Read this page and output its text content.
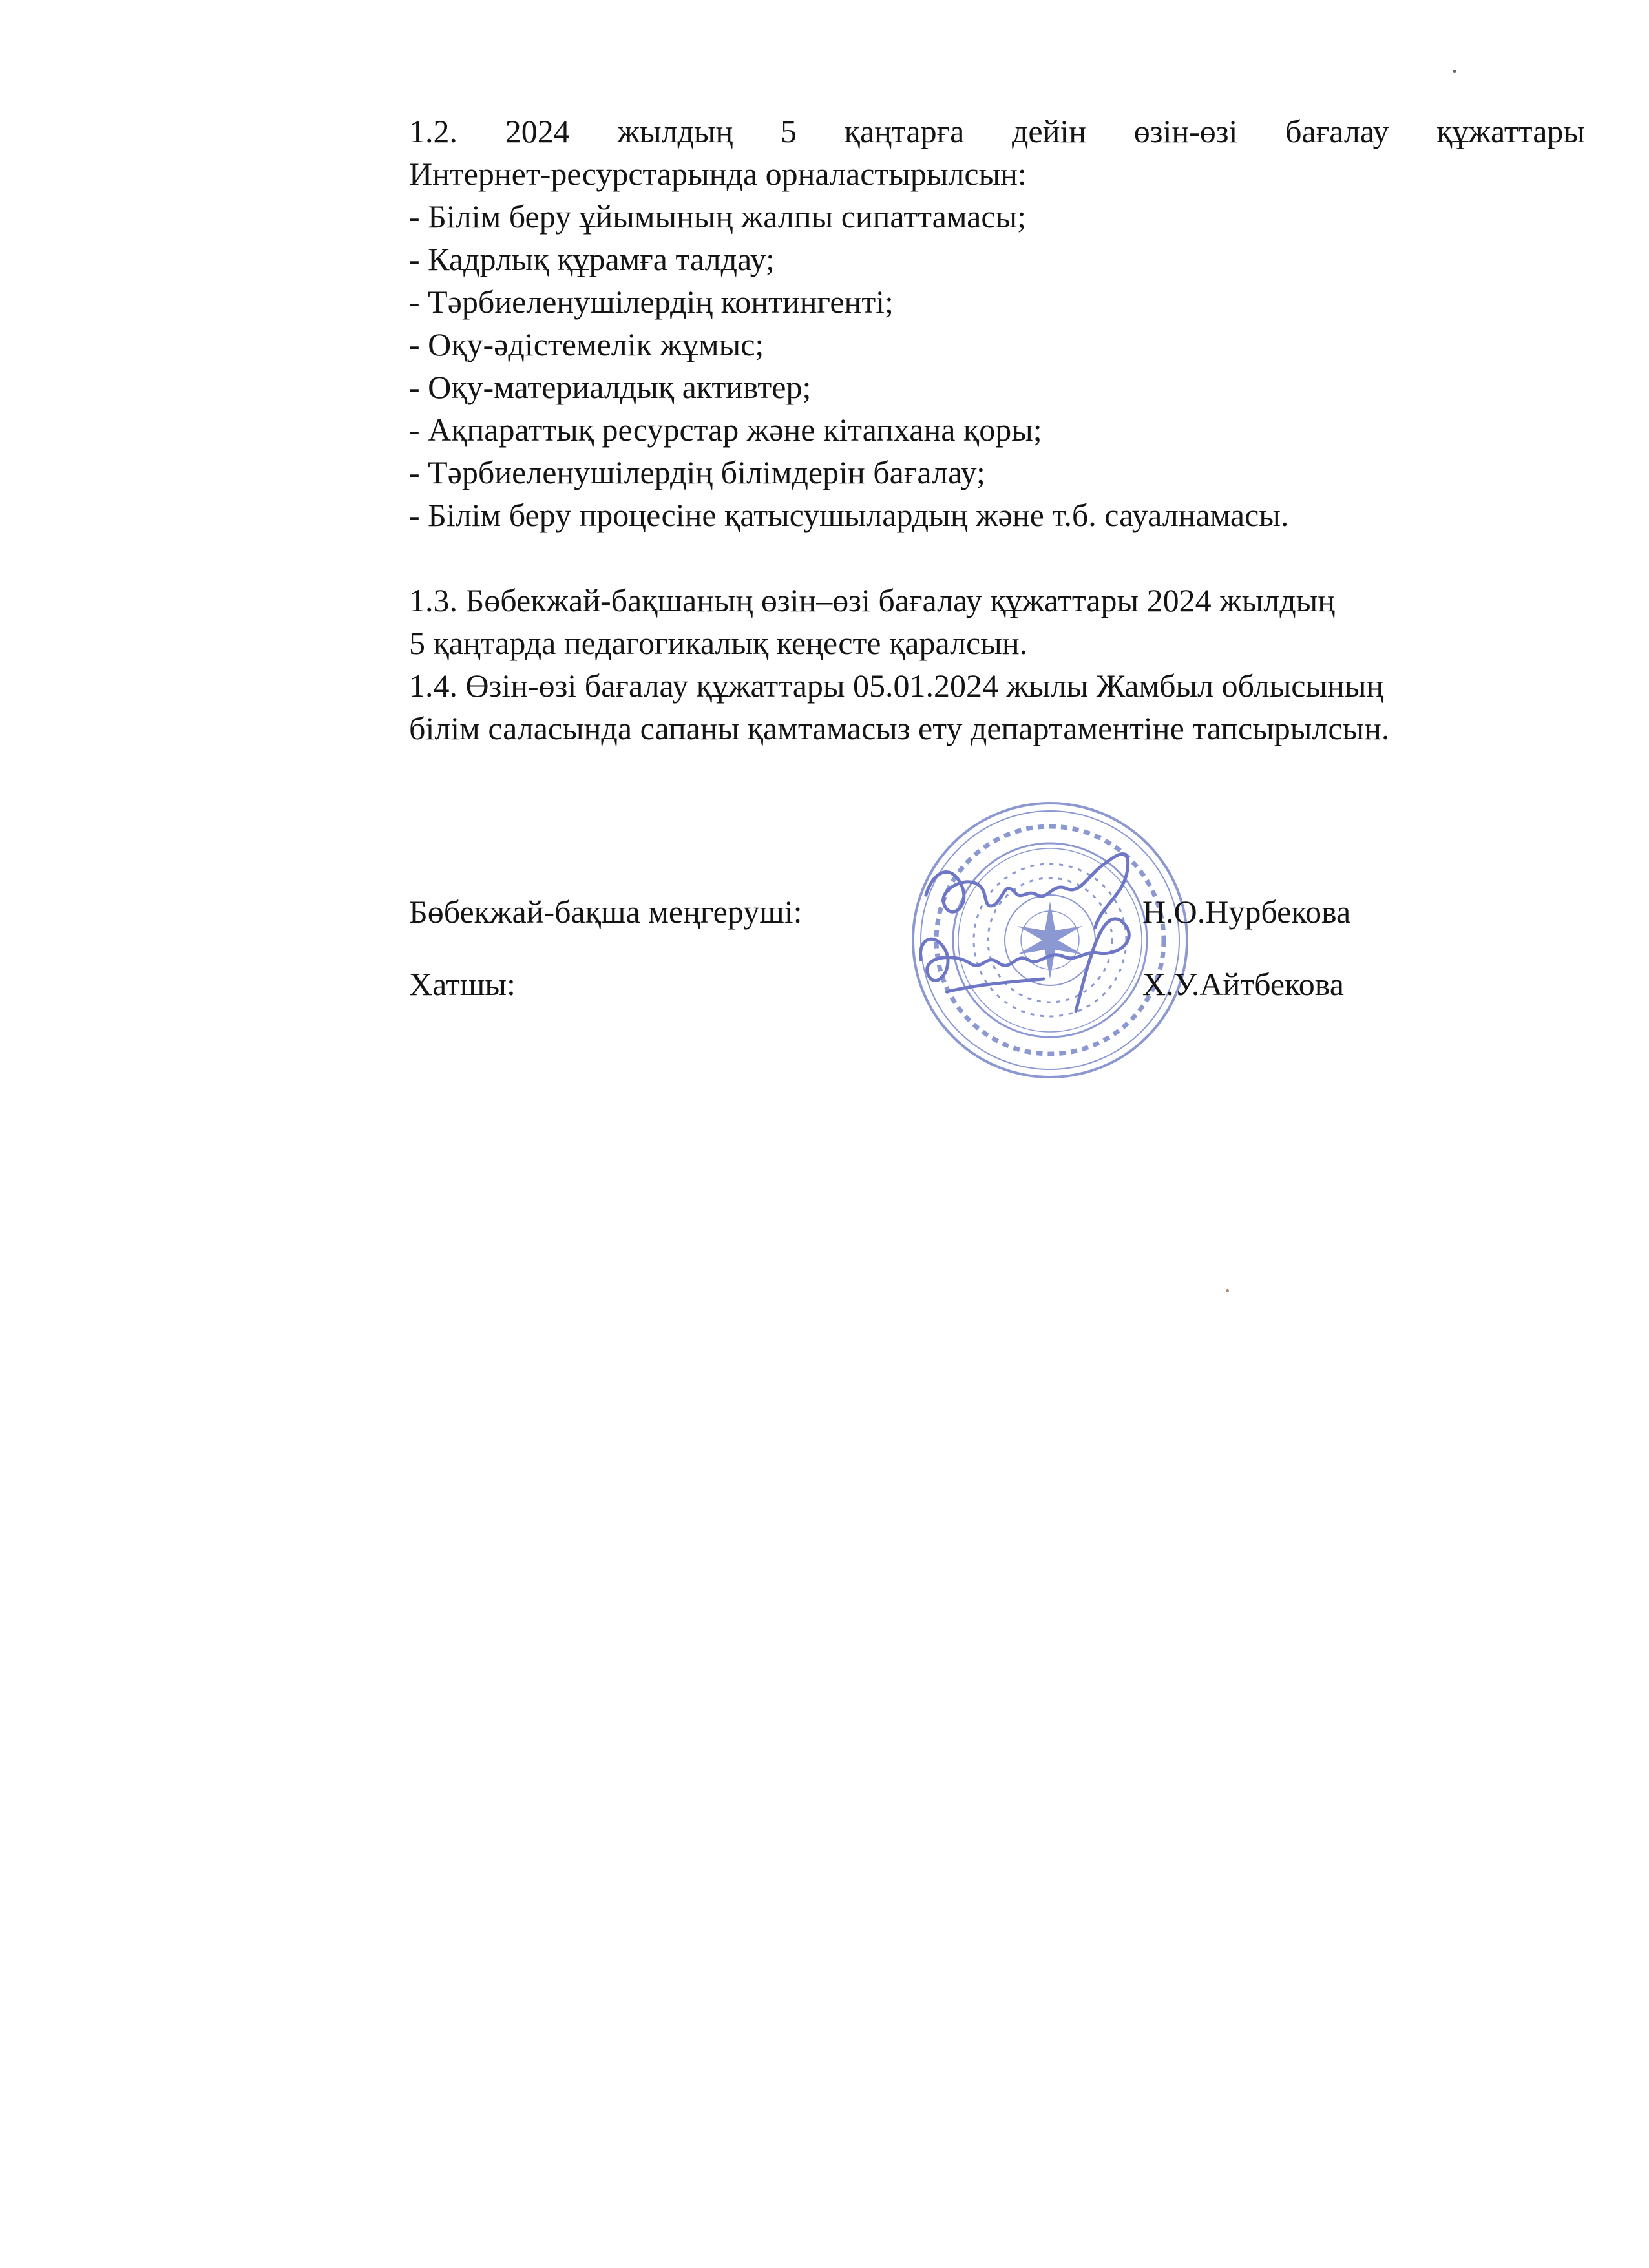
1.2. 2024 жылдың 5 қаңтарға дейін өзін-өзі бағалау құжаттары
Интернет-ресурстарында орналастырылсын:
- Білім беру ұйымының жалпы сипаттамасы;
- Кадрлық құрамға талдау;
- Тәрбиеленушілердің контингенті;
- Оқу-әдістемелік жұмыс;
- Оқу-материалдық активтер;
- Ақпараттық ресурстар және кітапхана қоры;
- Тәрбиеленушілердің білімдерін бағалау;
- Білім беру процесіне қатысушылардың және т.б. сауалнамасы.
1.3. Бөбекжай-бақшаның өзін–өзі бағалау құжаттары 2024 жылдың
5 қаңтарда педагогикалық кеңесте қаралсын.
1.4. Өзін-өзі бағалау құжаттары 05.01.2024 жылы Жамбыл облысының
білім саласында сапаны қамтамасыз ету департаментіне тапсырылсын.
Бөбекжай-бақша меңгеруші:	Н.О.Нурбекова
Хатшы:	Х.У.Айтбекова
